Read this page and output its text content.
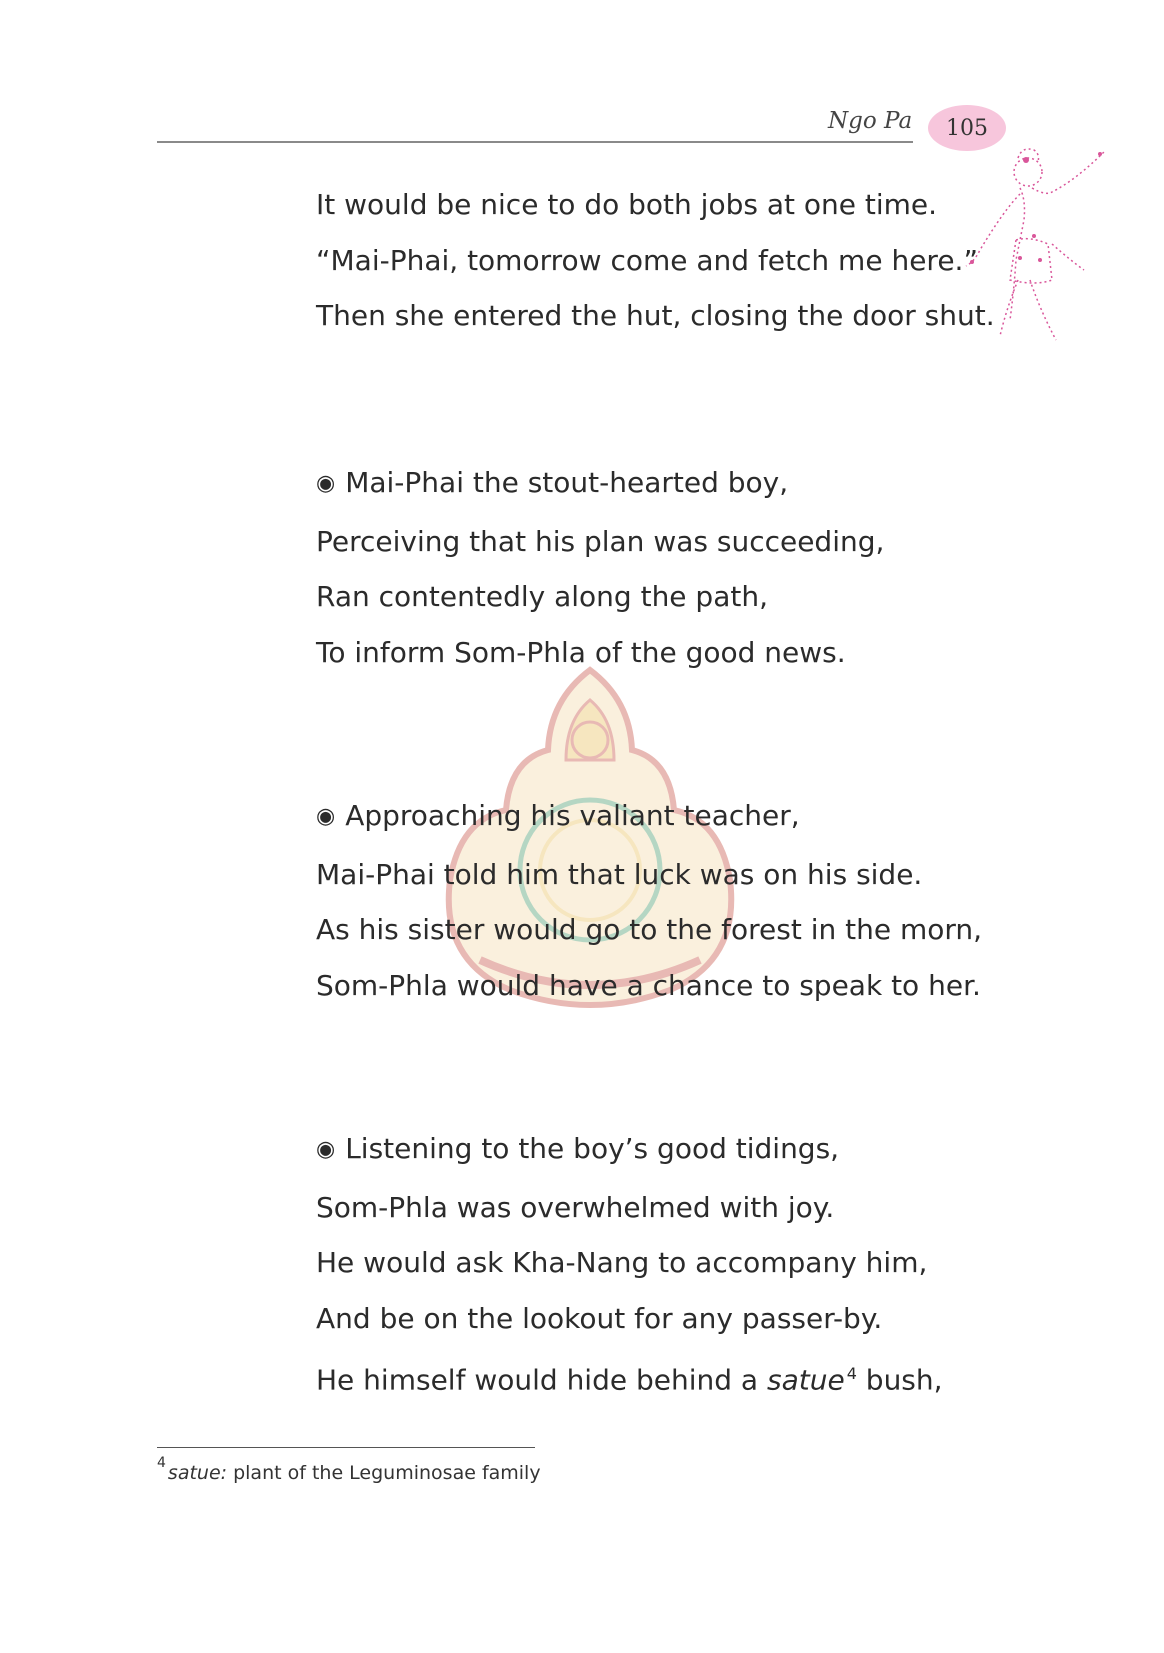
Ngo Pa	105
It would be nice to do both jobs at one time.
“Mai-Phai, tomorrow come and fetch me here.”
Then she entered the hut, closing the door shut.
◉ Mai-Phai the stout-hearted boy,
Perceiving that his plan was succeeding,
Ran contentedly along the path,
To inform Som-Phla of the good news.
◉ Approaching his valiant teacher,
Mai-Phai told him that luck was on his side.
As his sister would go to the forest in the morn,
Som-Phla would have a chance to speak to her.
◉ Listening to the boy’s good tidings,
Som-Phla was overwhelmed with joy.
He would ask Kha-Nang to accompany him,
And be on the lookout for any passer-by.
He himself would hide behind a satue $^4$ bush,
$^4$ satue: plant of the Leguminosae family
